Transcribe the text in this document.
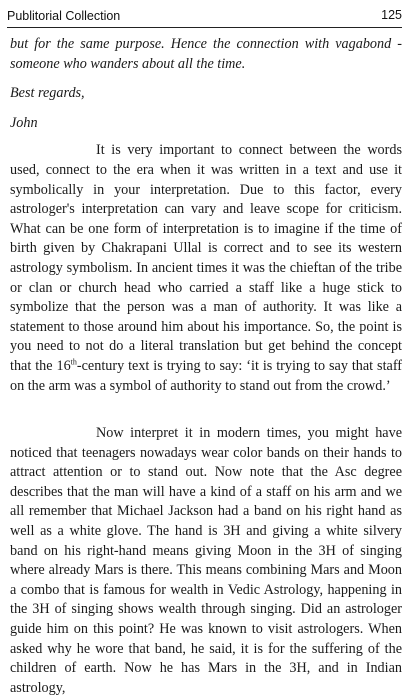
Publitorial Collection	125

but for the same purpose. Hence the connection with vagabond - someone who wanders about all the time.

Best regards,

John

It is very important to connect between the words used, connect to the era when it was written in a text and use it symbolically in your interpretation. Due to this factor, every astrologer's interpretation can vary and leave scope for criticism. What can be one form of interpretation is to imagine if the time of birth given by Chakrapani Ullal is correct and to see its western astrology symbolism. In ancient times it was the chieftan of the tribe or clan or church head who carried a staff like a huge stick to symbolize that the person was a man of authority. It was like a statement to those around him about his importance. So, the point is you need to not do a literal translation but get behind the concept that the 16th-century text is trying to say: ‘it is trying to say that staff on the arm was a symbol of authority to stand out from the crowd.’

Now interpret it in modern times, you might have noticed that teenagers nowadays wear color bands on their hands to attract attention or to stand out. Now note that the Asc degree describes that the man will have a kind of a staff on his arm and we all remember that Michael Jackson had a band on his right hand as well as a white glove. The hand is 3H and giving a white silvery band on his right-hand means giving Moon in the 3H of singing where already Mars is there. This means combining Mars and Moon a combo that is famous for wealth in Vedic Astrology, happening in the 3H of singing shows wealth through singing. Did an astrologer guide him on this point? He was known to visit astrologers. When asked why he wore that band, he said, it is for the suffering of the children of earth. Now he has Mars in the 3H, and in Indian astrology,
